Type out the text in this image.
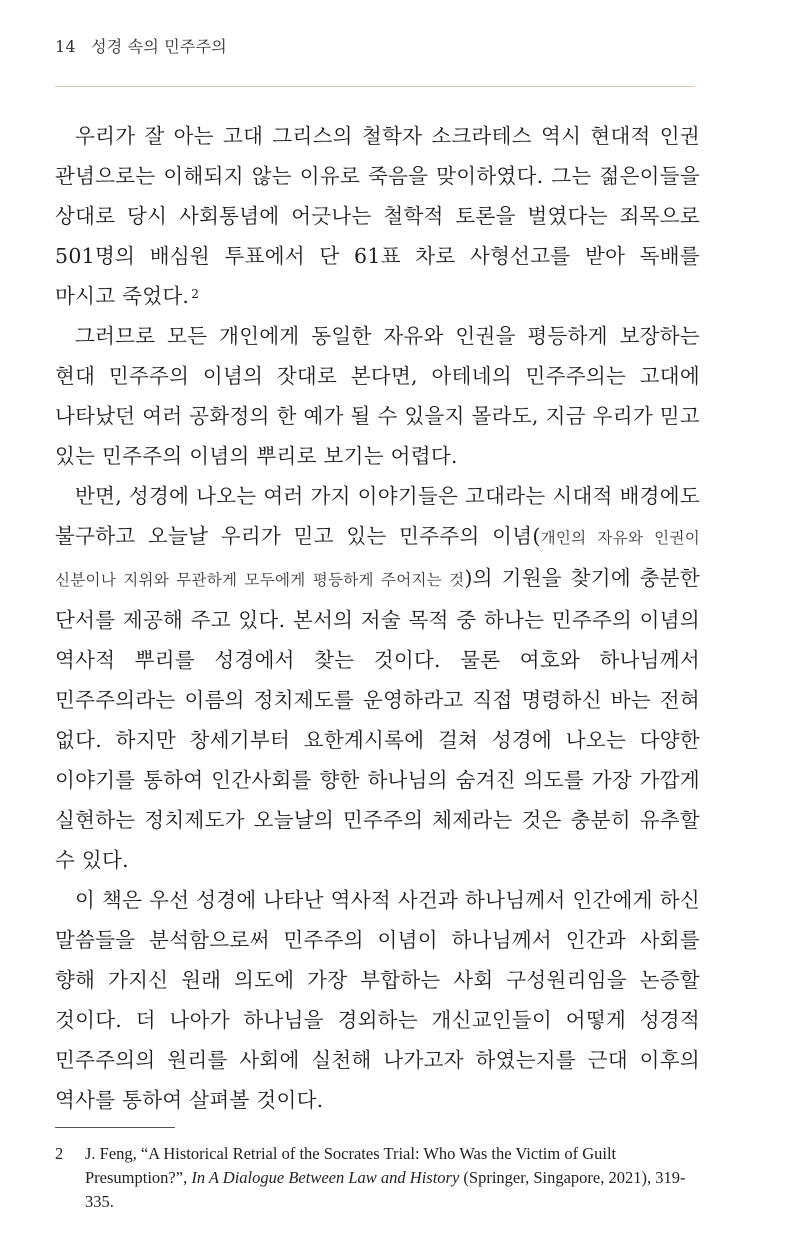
14 성경 속의 민주주의

우리가 잘 아는 고대 그리스의 철학자 소크라테스 역시 현대적 인권 관념으로는 이해되지 않는 이유로 죽음을 맞이하였다. 그는 젊은이들을 상대로 당시 사회통념에 어긋나는 철학적 토론을 벌였다는 죄목으로 501명의 배심원 투표에서 단 61표 차로 사형선고를 받아 독배를 마시고 죽었다. $^2$

그러므로 모든 개인에게 동일한 자유와 인권을 평등하게 보장하는 현대 민주주의 이념의 잣대로 본다면, 아테네의 민주주의는 고대에 나타났던 여러 공화정의 한 예가 될 수 있을지 몰라도, 지금 우리가 믿고 있는 민주주의 이념의 뿌리로 보기는 어렵다.

반면, 성경에 나오는 여러 가지 이야기들은 고대라는 시대적 배경에도 불구하고 오늘날 우리가 믿고 있는 민주주의 이념(개인의 자유와 인권이 신분이나 지위와 무관하게 모두에게 평등하게 주어지는 것)의 기원을 찾기에 충분한 단서를 제공해 주고 있다. 본서의 저술 목적 중 하나는 민주주의 이념의 역사적 뿌리를 성경에서 찾는 것이다. 물론 여호와 하나님께서 민주주의라는 이름의 정치제도를 운영하라고 직접 명령하신 바는 전혀 없다. 하지만 창세기부터 요한계시록에 걸쳐 성경에 나오는 다양한 이야기를 통하여 인간사회를 향한 하나님의 숨겨진 의도를 가장 가깝게 실현하는 정치제도가 오늘날의 민주주의 체제라는 것은 충분히 유추할 수 있다.

이 책은 우선 성경에 나타난 역사적 사건과 하나님께서 인간에게 하신 말씀들을 분석함으로써 민주주의 이념이 하나님께서 인간과 사회를 향해 가지신 원래 의도에 가장 부합하는 사회 구성원리임을 논증할 것이다. 더 나아가 하나님을 경외하는 개신교인들이 어떻게 성경적 민주주의의 원리를 사회에 실천해 나가고자 하였는지를 근대 이후의 역사를 통하여 살펴볼 것이다.

2	J. Feng, “A Historical Retrial of the Socrates Trial: Who Was the Victim of Guilt Presumption?”, In A Dialogue Between Law and History (Springer, Singapore, 2021), 319-335.
